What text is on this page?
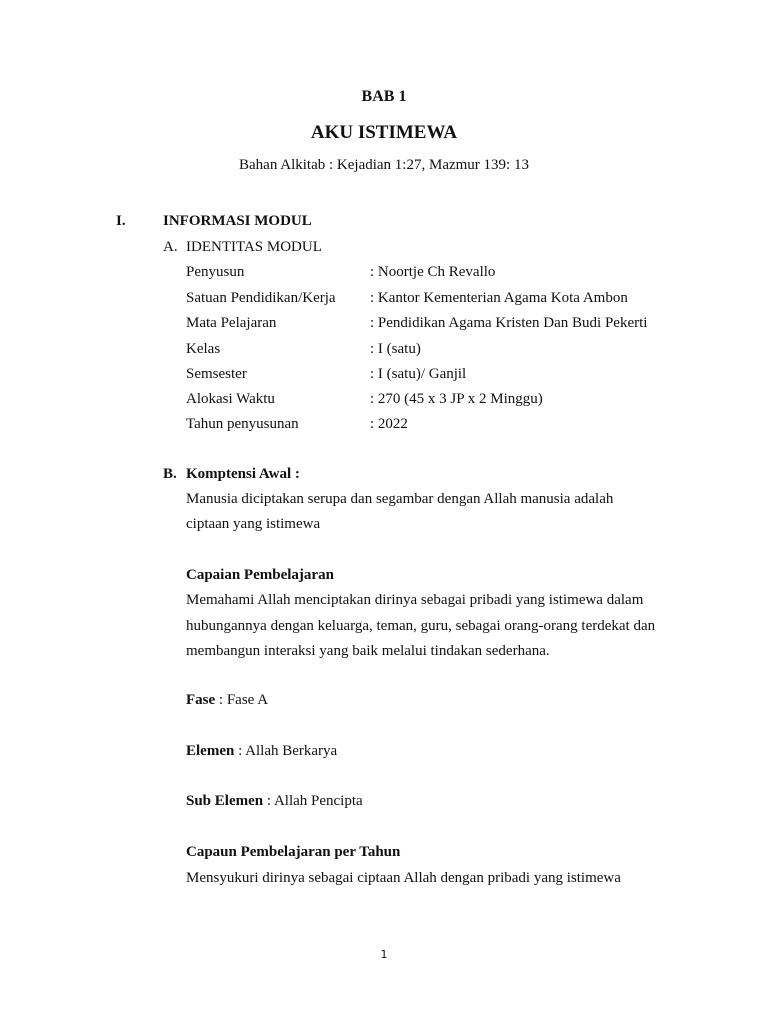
BAB 1
AKU ISTIMEWA
Bahan Alkitab : Kejadian 1:27, Mazmur 139: 13
I. INFORMASI MODUL
A. IDENTITAS MODUL
Penyusun	: Noortje Ch Revallo
Satuan Pendidikan/Kerja : Kantor Kementerian Agama Kota Ambon
Mata Pelajaran	: Pendidikan Agama Kristen Dan Budi Pekerti
Kelas	: I (satu)
Semsester	: I (satu)/ Ganjil
Alokasi Waktu	: 270 (45 x 3 JP x 2 Minggu)
Tahun penyusunan	: 2022
B. Komptensi Awal :
Manusia diciptakan serupa dan segambar dengan Allah manusia adalah
ciptaan yang istimewa
Capaian Pembelajaran
Memahami Allah menciptakan dirinya sebagai pribadi yang istimewa dalam
hubungannya dengan keluarga, teman, guru, sebagai orang-orang terdekat dan
membangun interaksi yang baik melalui tindakan sederhana.
Fase : Fase A
Elemen : Allah Berkarya
Sub Elemen : Allah Pencipta
Capaun Pembelajaran per Tahun
Mensyukuri dirinya sebagai ciptaan Allah dengan pribadi yang istimewa
1
